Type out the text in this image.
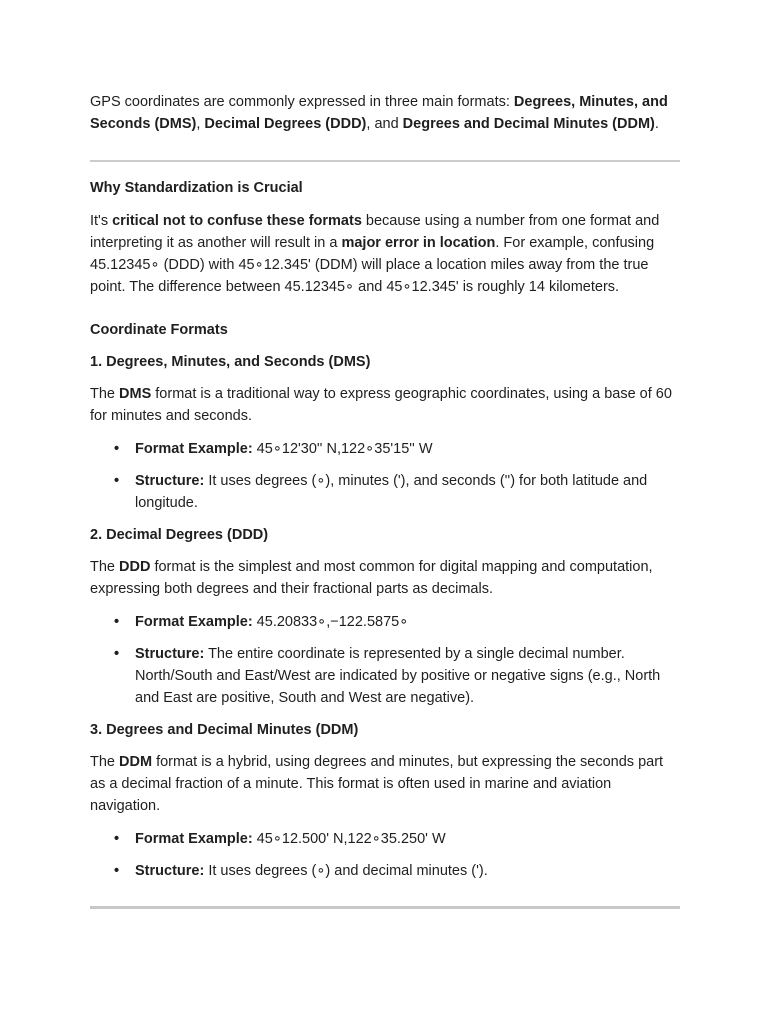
GPS coordinates are commonly expressed in three main formats: Degrees, Minutes, and Seconds (DMS), Decimal Degrees (DDD), and Degrees and Decimal Minutes (DDM).

Why Standardization is Crucial

It's critical not to confuse these formats because using a number from one format and interpreting it as another will result in a major error in location. For example, confusing 45.12345∘ (DDD) with 45∘12.345' (DDM) will place a location miles away from the true point. The difference between 45.12345∘ and 45∘12.345' is roughly 14 kilometers.

Coordinate Formats

1. Degrees, Minutes, and Seconds (DMS)

The DMS format is a traditional way to express geographic coordinates, using a base of 60 for minutes and seconds.

• Format Example: 45∘12'30'' N,122∘35'15'' W
• Structure: It uses degrees (∘), minutes ('), and seconds ('') for both latitude and longitude.

2. Decimal Degrees (DDD)

The DDD format is the simplest and most common for digital mapping and computation, expressing both degrees and their fractional parts as decimals.

• Format Example: 45.20833∘,−122.5875∘
• Structure: The entire coordinate is represented by a single decimal number. North/South and East/West are indicated by positive or negative signs (e.g., North and East are positive, South and West are negative).

3. Degrees and Decimal Minutes (DDM)

The DDM format is a hybrid, using degrees and minutes, but expressing the seconds part as a decimal fraction of a minute. This format is often used in marine and aviation navigation.

• Format Example: 45∘12.500' N,122∘35.250' W
• Structure: It uses degrees (∘) and decimal minutes (').
